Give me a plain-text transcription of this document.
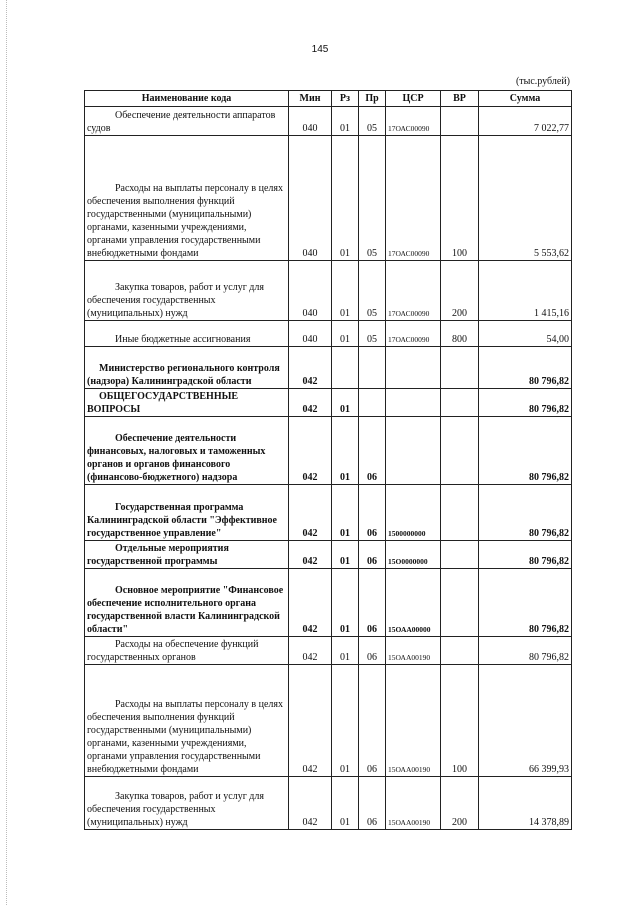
145
(тыс.рублей)
Наименование кода	Мин	Рз	Пр	ЦСР	ВР	Сумма
Обеспечение деятельности аппаратов судов	040	01	05	17ОАС00090		7 022,77
Расходы на выплаты персоналу в целях обеспечения выполнения функций государственными (муниципальными) органами, казенными учреждениями, органами управления государственными внебюджетными фондами	040	01	05	17ОАС00090	100	5 553,62
Закупка товаров, работ и услуг для обеспечения государственных (муниципальных) нужд	040	01	05	17ОАС00090	200	1 415,16
Иные бюджетные ассигнования	040	01	05	17ОАС00090	800	54,00
Министерство регионального контроля (надзора) Калининградской области	042					80 796,82
ОБЩЕГОСУДАРСТВЕННЫЕ ВОПРОСЫ	042	01				80 796,82
Обеспечение деятельности финансовых, налоговых и таможенных органов и органов финансового (финансово-бюджетного) надзора	042	01	06			80 796,82
Государственная программа Калининградской области "Эффективное государственное управление"	042	01	06	1500000000		80 796,82
Отдельные мероприятия государственной программы	042	01	06	15О0000000		80 796,82
Основное мероприятие "Финансовое обеспечение исполнительного органа государственной власти Калининградской области"	042	01	06	15ОАА00000		80 796,82
Расходы на обеспечение функций государственных органов	042	01	06	15ОАА00190		80 796,82
Расходы на выплаты персоналу в целях обеспечения выполнения функций государственными (муниципальными) органами, казенными учреждениями, органами управления государственными внебюджетными фондами	042	01	06	15ОАА00190	100	66 399,93
Закупка товаров, работ и услуг для обеспечения государственных (муниципальных) нужд	042	01	06	15ОАА00190	200	14 378,89
